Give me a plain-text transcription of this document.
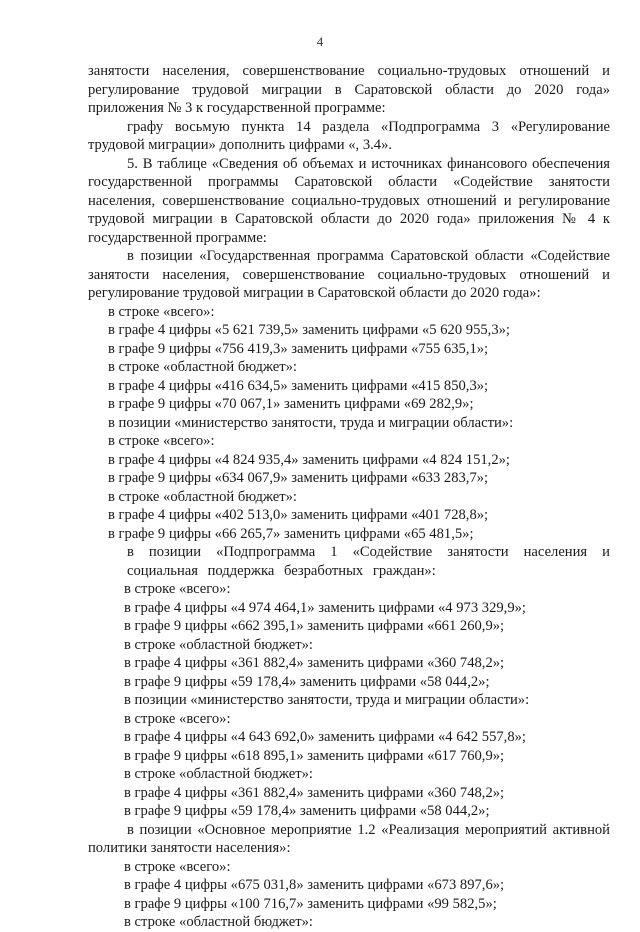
4

занятости населения, совершенствование социально-трудовых отношений и регулирование трудовой миграции в Саратовской области до 2020 года» приложения № 3 к государственной программе:

графу восьмую пункта 14 раздела «Подпрограмма 3 «Регулирование трудовой миграции» дополнить цифрами «, 3.4».

5. В таблице «Сведения об объемах и источниках финансового обеспечения государственной программы Саратовской области «Содействие занятости населения, совершенствование социально-трудовых отношений и регулирование трудовой миграции в Саратовской области до 2020 года» приложения № 4 к государственной программе:

в позиции «Государственная программа Саратовской области «Содействие занятости населения, совершенствование социально-трудовых отношений и регулирование трудовой миграции в Саратовской области до 2020 года»:

в строке «всего»:

в графе 4 цифры «5 621 739,5» заменить цифрами «5 620 955,3»;

в графе 9 цифры «756 419,3» заменить цифрами «755 635,1»;

в строке «областной бюджет»:

в графе 4 цифры «416 634,5» заменить цифрами «415 850,3»;

в графе 9 цифры «70 067,1» заменить цифрами «69 282,9»;

в позиции «министерство занятости, труда и миграции области»:

в строке «всего»:

в графе 4 цифры «4 824 935,4» заменить цифрами «4 824 151,2»;

в графе 9 цифры «634 067,9» заменить цифрами «633 283,7»;

в строке «областной бюджет»:

в графе 4 цифры «402 513,0» заменить цифрами «401 728,8»;

в графе 9 цифры «66 265,7» заменить цифрами «65 481,5»;

в позиции «Подпрограмма 1 «Содействие занятости населения и социальная поддержка безработных граждан»:

в строке «всего»:

в графе 4 цифры «4 974 464,1» заменить цифрами «4 973 329,9»;

в графе 9 цифры «662 395,1» заменить цифрами «661 260,9»;

в строке «областной бюджет»:

в графе 4 цифры «361 882,4» заменить цифрами «360 748,2»;

в графе 9 цифры «59 178,4» заменить цифрами «58 044,2»;

в позиции «министерство занятости, труда и миграции области»:

в строке «всего»:

в графе 4 цифры «4 643 692,0» заменить цифрами «4 642 557,8»;

в графе 9 цифры «618 895,1» заменить цифрами «617 760,9»;

в строке «областной бюджет»:

в графе 4 цифры «361 882,4» заменить цифрами «360 748,2»;

в графе 9 цифры «59 178,4» заменить цифрами «58 044,2»;

в позиции «Основное мероприятие 1.2 «Реализация мероприятий активной политики занятости населения»:

в строке «всего»:

в графе 4 цифры «675 031,8» заменить цифрами «673 897,6»;

в графе 9 цифры «100 716,7» заменить цифрами «99 582,5»;

в строке «областной бюджет»:
